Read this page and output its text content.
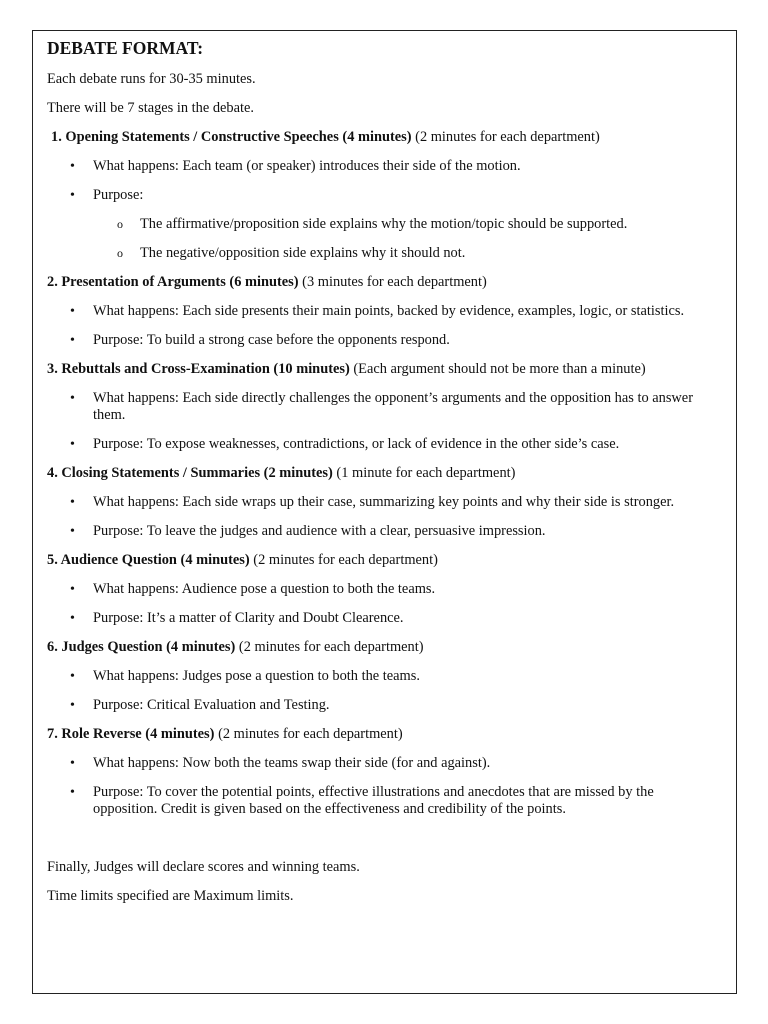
DEBATE FORMAT:
Each debate runs for 30-35 minutes.
There will be 7 stages in the debate.
1. Opening Statements / Constructive Speeches (4 minutes) (2 minutes for each department)
• What happens: Each team (or speaker) introduces their side of the motion.
• Purpose:
o The affirmative/proposition side explains why the motion/topic should be supported.
o The negative/opposition side explains why it should not.
2. Presentation of Arguments (6 minutes) (3 minutes for each department)
• What happens: Each side presents their main points, backed by evidence, examples, logic, or statistics.
• Purpose: To build a strong case before the opponents respond.
3. Rebuttals and Cross-Examination (10 minutes) (Each argument should not be more than a minute)
• What happens: Each side directly challenges the opponent’s arguments and the opposition has to answer them.
• Purpose: To expose weaknesses, contradictions, or lack of evidence in the other side’s case.
4. Closing Statements / Summaries (2 minutes) (1 minute for each department)
• What happens: Each side wraps up their case, summarizing key points and why their side is stronger.
• Purpose: To leave the judges and audience with a clear, persuasive impression.
5. Audience Question (4 minutes) (2 minutes for each department)
• What happens: Audience pose a question to both the teams.
• Purpose: It’s a matter of Clarity and Doubt Clearence.
6. Judges Question (4 minutes) (2 minutes for each department)
• What happens: Judges pose a question to both the teams.
• Purpose: Critical Evaluation and Testing.
7. Role Reverse (4 minutes) (2 minutes for each department)
• What happens: Now both the teams swap their side (for and against).
• Purpose: To cover the potential points, effective illustrations and anecdotes that are missed by the opposition. Credit is given based on the effectiveness and credibility of the points.
Finally, Judges will declare scores and winning teams.
Time limits specified are Maximum limits.
